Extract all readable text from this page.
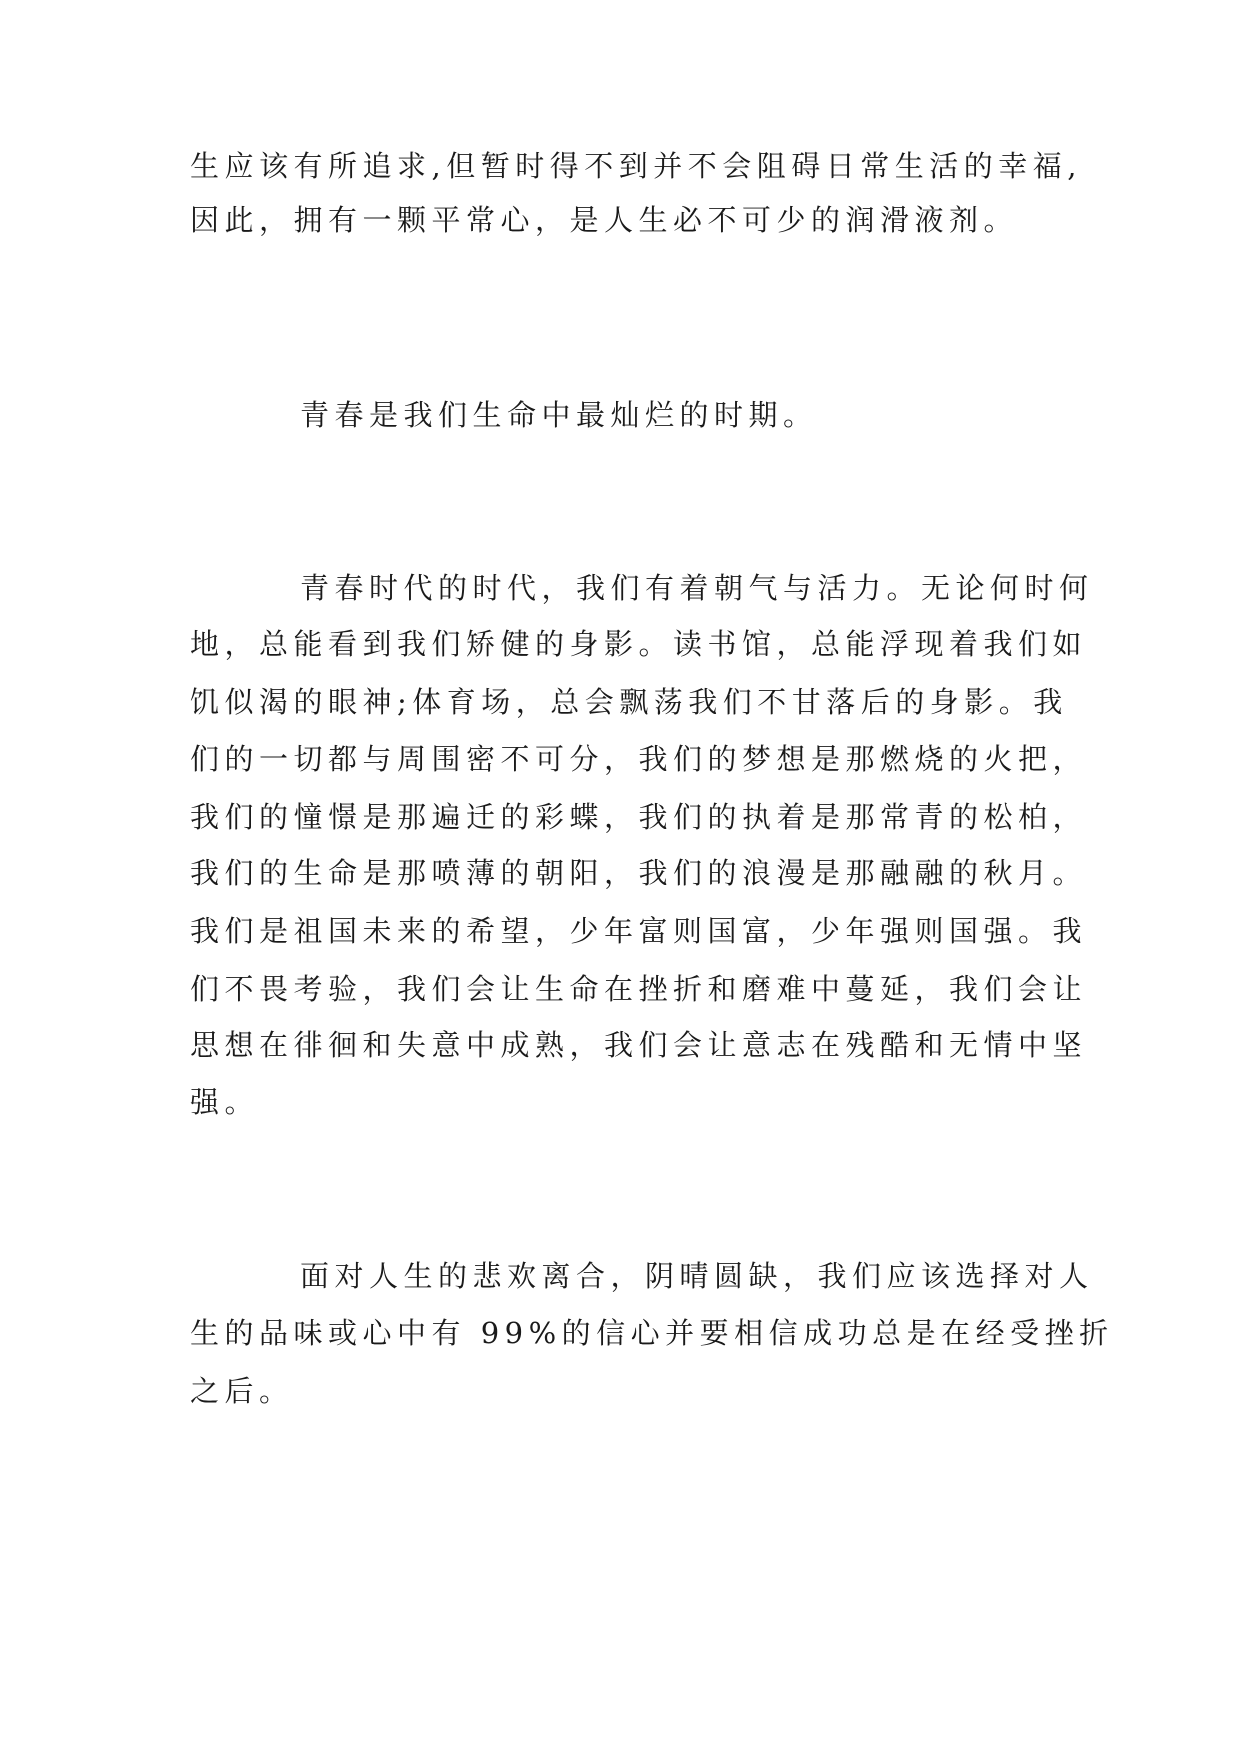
生应该有所追求,但暂时得不到并不会阻碍日常生活的幸福,
因此，拥有一颗平常心，是人生必不可少的润滑液剂。
青春是我们生命中最灿烂的时期。
青春时代的时代，我们有着朝气与活力。无论何时何
地，总能看到我们矫健的身影。读书馆，总能浮现着我们如
饥似渴的眼神;体育场，总会飘荡我们不甘落后的身影。我
们的一切都与周围密不可分，我们的梦想是那燃烧的火把，
我们的憧憬是那遍迁的彩蝶，我们的执着是那常青的松柏，
我们的生命是那喷薄的朝阳，我们的浪漫是那融融的秋月。
我们是祖国未来的希望，少年富则国富，少年强则国强。我
们不畏考验，我们会让生命在挫折和磨难中蔓延，我们会让
思想在徘徊和失意中成熟，我们会让意志在残酷和无情中坚
强。
面对人生的悲欢离合，阴晴圆缺，我们应该选择对人
生的品味或心中有 99%的信心并要相信成功总是在经受挫折
之后。
